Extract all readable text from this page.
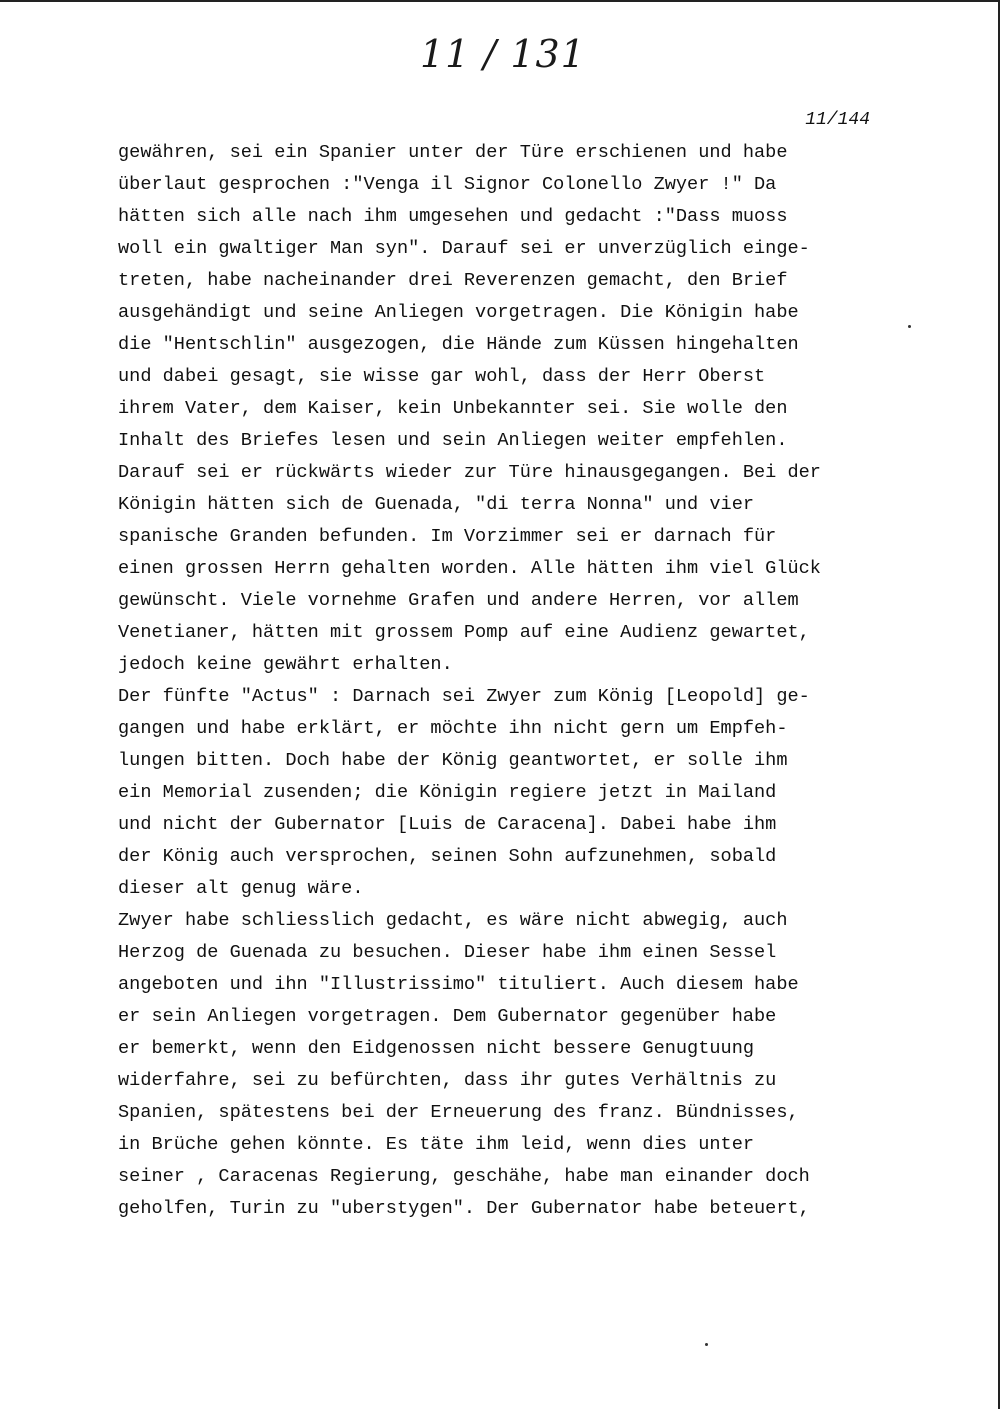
11 / 131
11/144
gewähren, sei ein Spanier unter der Türe erschienen und habe
überlaut gesprochen :"Venga il Signor Colonello Zwyer !" Da
hätten sich alle nach ihm umgesehen und gedacht :"Dass muoss
woll ein gwaltiger Man syn". Darauf sei er unverzüglich einge-
treten, habe nacheinander drei Reverenzen gemacht, den Brief
ausgehändigt und seine Anliegen vorgetragen. Die Königin habe
die "Hentschlin" ausgezogen, die Hände zum Küssen hingehalten
und dabei gesagt, sie wisse gar wohl, dass der Herr Oberst
ihrem Vater, dem Kaiser, kein Unbekannter sei. Sie wolle den
Inhalt des Briefes lesen und sein Anliegen weiter empfehlen.
Darauf sei er rückwärts wieder zur Türe hinausgegangen. Bei der
Königin hätten sich de Guenada, "di terra Nonna" und vier
spanische Granden befunden. Im Vorzimmer sei er darnach für
einen grossen Herrn gehalten worden. Alle hätten ihm viel Glück
gewünscht. Viele vornehme Grafen und andere Herren, vor allem
Venetianer, hätten mit grossem Pomp auf eine Audienz gewartet,
jedoch keine gewährt erhalten.
Der fünfte "Actus" : Darnach sei Zwyer zum König [Leopold] ge-
gangen und habe erklärt, er möchte ihn nicht gern um Empfeh-
lungen bitten. Doch habe der König geantwortet, er solle ihm
ein Memorial zusenden; die Königin regiere jetzt in Mailand
und nicht der Gubernator [Luis de Caracena]. Dabei habe ihm
der König auch versprochen, seinen Sohn aufzunehmen, sobald
dieser alt genug wäre.
Zwyer habe schliesslich gedacht, es wäre nicht abwegig, auch
Herzog de Guenada zu besuchen. Dieser habe ihm einen Sessel
angeboten und ihn "Illustrissimo" tituliert. Auch diesem habe
er sein Anliegen vorgetragen. Dem Gubernator gegenüber habe
er bemerkt, wenn den Eidgenossen nicht bessere Genugtuung
widerfahre, sei zu befürchten, dass ihr gutes Verhältnis zu
Spanien, spätestens bei der Erneuerung des franz. Bündnisses,
in Brüche gehen könnte. Es täte ihm leid, wenn dies unter
seiner , Caracenas Regierung, geschähe, habe man einander doch
geholfen, Turin zu "uberstygen". Der Gubernator habe beteuert,
